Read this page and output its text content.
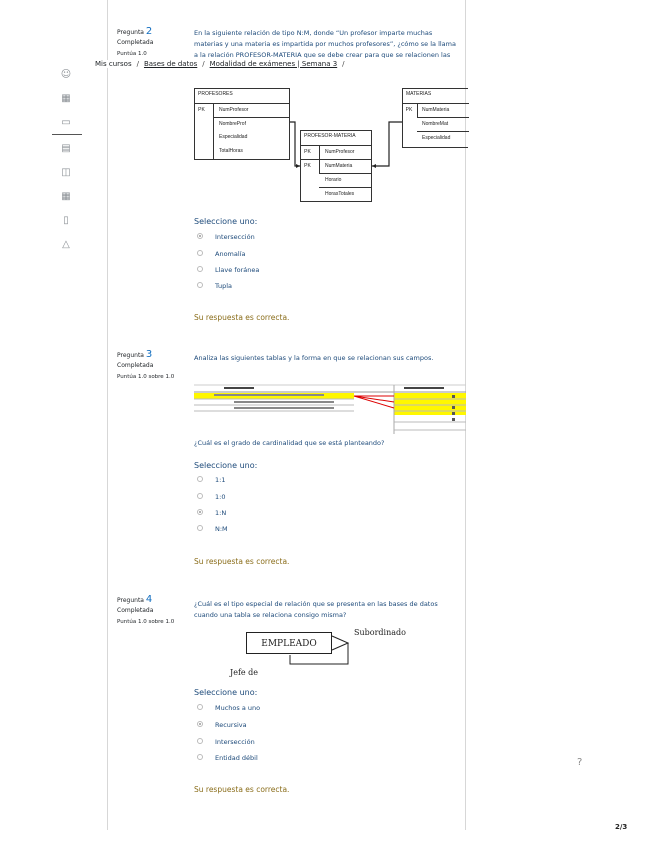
☺
▦
▭
▤
◫
▦
▯
△
Mis cursos / Bases de datos / Modalidad de exámenes | Semana 3 /
Pregunta 2
Completada
Puntúa 1.0
En la siguiente relación de tipo N:M, donde “Un profesor imparte muchas materias y una materia es impartida por muchos profesores”, ¿cómo se la llama a la relación PROFESOR-MATERIA que se debe crear para que se relacionen las
PROFESORES
PK	NumProfesor
NombreProf
Especialidad
TotalHoras
PROFESOR-MATERIA
PK	NumProfesor
PK	NumMateria
Horario
HorasTotales
MATERIAS
PK	NumMateria
NombreMat
Especialidad
Seleccione uno:
Intersección
Anomalía
Llave foránea
Tupla
Su respuesta es correcta.
Pregunta 3
Completada
Puntúa 1.0 sobre 1.0
Analiza las siguientes tablas y la forma en que se relacionan sus campos.
¿Cuál es el grado de cardinalidad que se está planteando?
Seleccione uno:
1:1
1:0
1:N
N:M
Su respuesta es correcta.
Pregunta 4
Completada
Puntúa 1.0 sobre 1.0
¿Cuál es el tipo especial de relación que se presenta en las bases de datos cuando una tabla se relaciona consigo misma?
EMPLEADO
Subordinado
Jefe de
Seleccione uno:
Muchos a uno
Recursiva
Intersección
Entidad débil
Su respuesta es correcta.
?
2/3
